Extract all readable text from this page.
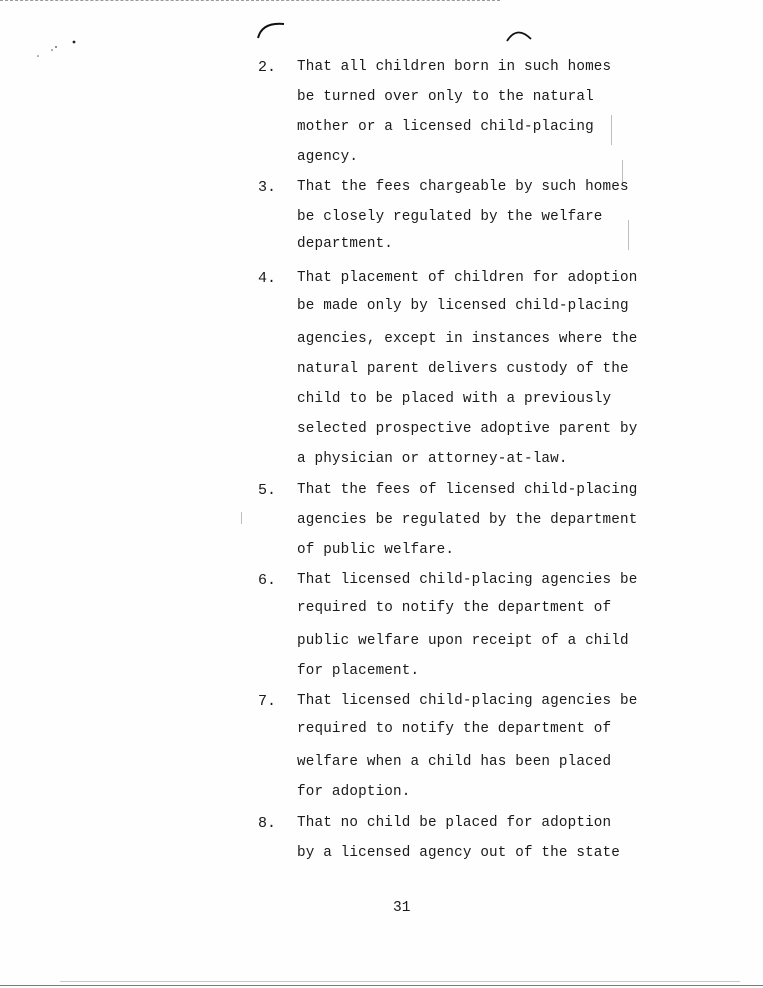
2. That all children born in such homes
be turned over only to the natural
mother or a licensed child-placing
agency.
3. That the fees chargeable by such homes
be closely regulated by the welfare
department.
4. That placement of children for adoption
be made only by licensed child-placing
agencies, except in instances where the
natural parent delivers custody of the
child to be placed with a previously
selected prospective adoptive parent by
a physician or attorney-at-law.
5. That the fees of licensed child-placing
agencies be regulated by the department
of public welfare.
6. That licensed child-placing agencies be
required to notify the department of
public welfare upon receipt of a child
for placement.
7. That licensed child-placing agencies be
required to notify the department of
welfare when a child has been placed
for adoption.
8. That no child be placed for adoption
by a licensed agency out of the state
31
